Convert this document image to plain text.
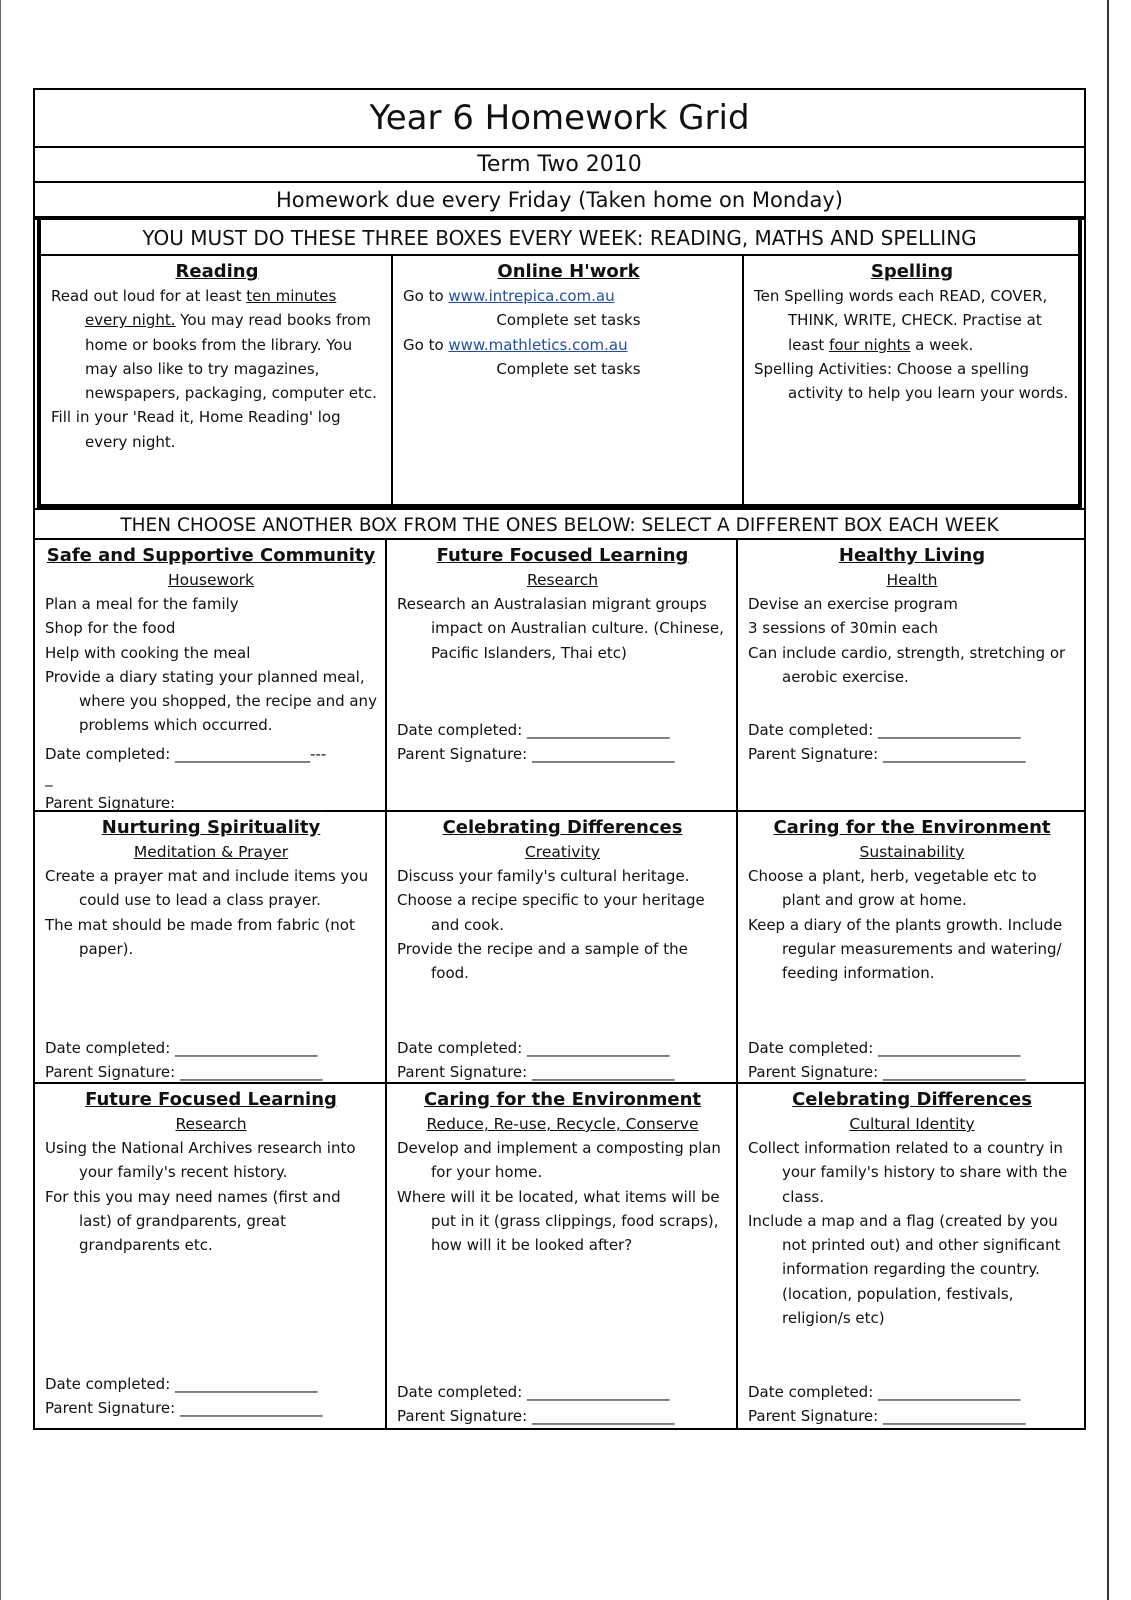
Year 6 Homework Grid
Term Two 2010
Homework due every Friday (Taken home on Monday)
YOU MUST DO THESE THREE BOXES EVERY WEEK: READING, MATHS AND SPELLING
Reading
Read out loud for at least ten minutes every night. You may read books from home or books from the library. You may also like to try magazines, newspapers, packaging, computer etc.
Fill in your 'Read it, Home Reading' log every night.
Online H'work
Go to www.intrepica.com.au
Complete set tasks
Go to www.mathletics.com.au
Complete set tasks
Spelling
Ten Spelling words each READ, COVER, THINK, WRITE, CHECK. Practise at least four nights a week.
Spelling Activities: Choose a spelling activity to help you learn your words.
THEN CHOOSE ANOTHER BOX FROM THE ONES BELOW: SELECT A DIFFERENT BOX EACH WEEK
Safe and Supportive Community
Housework
Plan a meal for the family
Shop for the food
Help with cooking the meal
Provide a diary stating your planned meal, where you shopped, the recipe and any problems which occurred.
Date completed: __________________---
_
Parent Signature: ___________________
Future Focused Learning
Research
Research an Australasian migrant groups impact on Australian culture. (Chinese, Pacific Islanders, Thai etc)
Date completed: ___________________
Parent Signature: ___________________
Healthy Living
Health
Devise an exercise program
3 sessions of 30min each
Can include cardio, strength, stretching or aerobic exercise.
Date completed: ___________________
Parent Signature: ___________________
Nurturing Spirituality
Meditation & Prayer
Create a prayer mat and include items you could use to lead a class prayer.
The mat should be made from fabric (not paper).
Date completed: ___________________
Parent Signature: ___________________
Celebrating Differences
Creativity
Discuss your family's cultural heritage.
Choose a recipe specific to your heritage and cook.
Provide the recipe and a sample of the food.
Date completed: ___________________
Parent Signature: ___________________
Caring for the Environment
Sustainability
Choose a plant, herb, vegetable etc to plant and grow at home.
Keep a diary of the plants growth. Include regular measurements and watering/ feeding information.
Date completed: ___________________
Parent Signature: ___________________
Future Focused Learning
Research
Using the National Archives research into your family's recent history.
For this you may need names (first and last) of grandparents, great grandparents etc.
Date completed: ___________________
Parent Signature: ___________________
Caring for the Environment
Reduce, Re-use, Recycle, Conserve
Develop and implement a composting plan for your home.
Where will it be located, what items will be put in it (grass clippings, food scraps), how will it be looked after?
Date completed: ___________________
Parent Signature: ___________________
Celebrating Differences
Cultural Identity
Collect information related to a country in your family's history to share with the class.
Include a map and a flag (created by you not printed out) and other significant information regarding the country. (location, population, festivals, religion/s etc)
Date completed: ___________________
Parent Signature: ___________________
